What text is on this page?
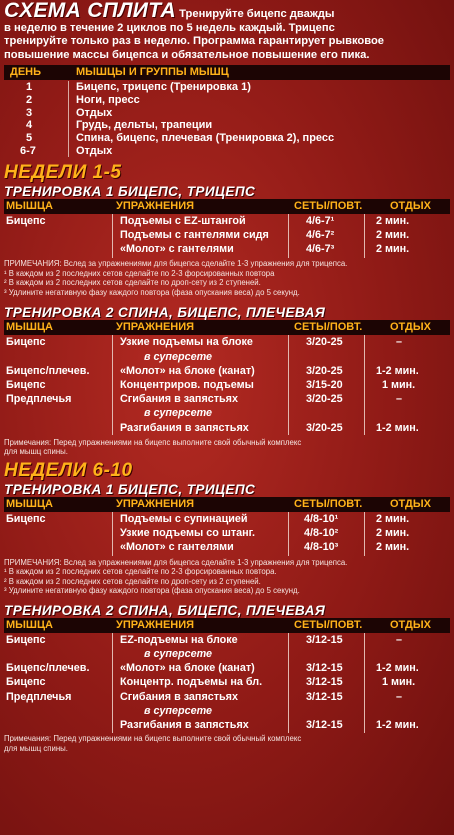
СХЕМА СПЛИТА Тренируйте бицепс дважды
в неделю в течение 2 циклов по 5 недель каждый. Трицепс
тренируйте только раз в неделю. Программа гарантирует рывковое
повышение массы бицепса и обязательное повышение его пика.
ДЕНЬ	МЫШЦЫ И ГРУППЫ МЫШЦ
1	Бицепс, трицепс (Тренировка 1)
2	Ноги, пресс
3	Отдых
4	Грудь, дельты, трапеции
5	Спина, бицепс, плечевая (Тренировка 2), пресс
6-7	Отдых
НЕДЕЛИ 1-5
ТРЕНИРОВКА 1 БИЦЕПС, ТРИЦЕПС
МЫШЦА	УПРАЖНЕНИЯ	СЕТЫ/ПОВТ.	ОТДЫХ
Бицепс	Подъемы с EZ-штангой	4/6-7¹	2 мин.
Подъемы с гантелями сидя	4/6-7²	2 мин.
«Молот» с гантелями	4/6-7³	2 мин.
ПРИМЕЧАНИЯ: Вслед за упражнениями для бицепса сделайте 1-3 упражнения для трицепса.
¹ В каждом из 2 последних сетов сделайте по 2-3 форсированных повтора
² В каждом из 2 последних сетов сделайте по дроп-сету из 2 ступеней.
³ Удлините негативную фазу каждого повтора (фаза опускания веса) до 5 секунд.
ТРЕНИРОВКА 2 СПИНА, БИЦЕПС, ПЛЕЧЕВАЯ
МЫШЦА	УПРАЖНЕНИЯ	СЕТЫ/ПОВТ.	ОТДЫХ
Бицепс	Узкие подъемы на блоке	3/20-25	–
в суперсете
Бицепс/плечев.	«Молот» на блоке (канат)	3/20-25	1-2 мин.
Бицепс	Концентриров. подъемы	3/15-20	1 мин.
Предплечья	Сгибания в запястьях	3/20-25	–
в суперсете
Разгибания в запястьях	3/20-25	1-2 мин.
Примечания: Перед упражнениями на бицепс выполните свой обычный комплекс
для мышц спины.
НЕДЕЛИ 6-10
ТРЕНИРОВКА 1 БИЦЕПС, ТРИЦЕПС
МЫШЦА	УПРАЖНЕНИЯ	СЕТЫ/ПОВТ.	ОТДЫХ
Бицепс	Подъемы с супинацией	4/8-10¹	2 мин.
Узкие подъемы со штанг.	4/8-10²	2 мин.
«Молот» с гантелями	4/8-10³	2 мин.
ПРИМЕЧАНИЯ: Вслед за упражнениями для бицепса сделайте 1-3 упражнения для трицепса.
¹ В каждом из 2 последних сетов сделайте по 2-3 форсированных повтора.
² В каждом из 2 последних сетов сделайте по дроп-сету из 2 ступеней.
³ Удлините негативную фазу каждого повтора (фаза опускания веса) до 5 секунд.
ТРЕНИРОВКА 2 СПИНА, БИЦЕПС, ПЛЕЧЕВАЯ
МЫШЦА	УПРАЖНЕНИЯ	СЕТЫ/ПОВТ.	ОТДЫХ
Бицепс	EZ-подъемы на блоке	3/12-15	–
в суперсете
Бицепс/плечев.	«Молот» на блоке (канат)	3/12-15	1-2 мин.
Бицепс	Концентр. подъемы на бл.	3/12-15	1 мин.
Предплечья	Сгибания в запястьях	3/12-15	–
в суперсете
Разгибания в запястьях	3/12-15	1-2 мин.
Примечания: Перед упражнениями на бицепс выполните свой обычный комплекс
для мышц спины.
